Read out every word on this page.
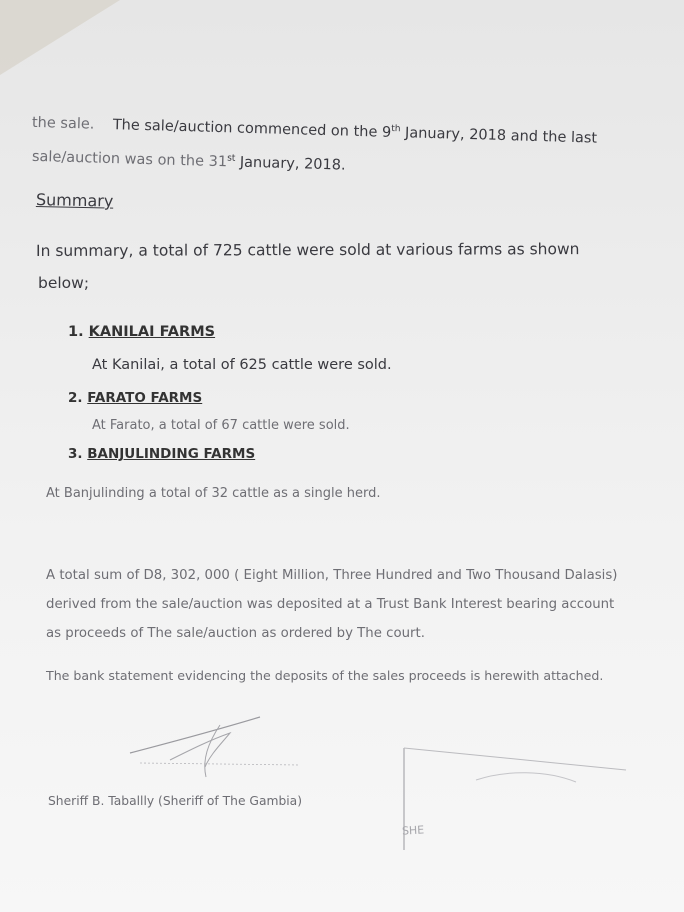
the sale. The sale/auction commenced on the 9th January, 2018 and the last
sale/auction was on the 31st January, 2018.
Summary
In summary, a total of 725 cattle were sold at various farms as shown
below;
1. KANILAI FARMS
At Kanilai, a total of 625 cattle were sold.
2. FARATO FARMS
At Farato, a total of 67 cattle were sold.
3. BANJULINDING FARMS
At Banjulinding a total of 32 cattle as a single herd.
A total sum of D8, 302, 000 ( Eight Million, Three Hundred and Two Thousand Dalasis)
derived from the sale/auction was deposited at a Trust Bank Interest bearing account
as proceeds of The sale/auction as ordered by The court.
The bank statement evidencing the deposits of the sales proceeds is herewith attached.
Sheriff B. Taballly (Sheriff of The Gambia)
SHE
